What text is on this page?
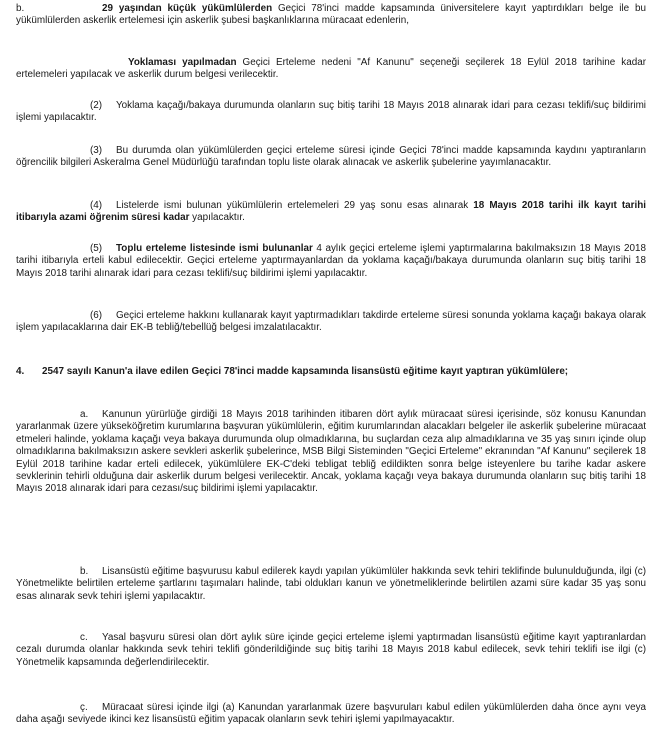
b.	29 yaşından küçük yükümlülerden Geçici 78'inci madde kapsamında üniversitelere kayıt yaptırdıkları belge ile bu yükümlülerden askerlik ertelemesi için askerlik şubesi başkanlıklarına müracaat edenlerin,

Yoklaması yapılmadan Geçici Erteleme nedeni "Af Kanunu" seçeneği seçilerek 18 Eylül 2018 tarihine kadar ertelemeleri yapılacak ve askerlik durum belgesi verilecektir.

(2) Yoklama kaçağı/bakaya durumunda olanların suç bitiş tarihi 18 Mayıs 2018 alınarak idari para cezası teklifi/suç bildirimi işlemi yapılacaktır.

(3) Bu durumda olan yükümlülerden geçici erteleme süresi içinde Geçici 78'inci madde kapsamında kaydını yaptıranların öğrencilik bilgileri Askeralma Genel Müdürlüğü tarafından toplu liste olarak alınacak ve askerlik şubelerine yayımlanacaktır.

(4) Listelerde ismi bulunan yükümlülerin ertelemeleri 29 yaş sonu esas alınarak 18 Mayıs 2018 tarihi ilk kayıt tarihi itibarıyla azami öğrenim süresi kadar yapılacaktır.

(5) Toplu erteleme listesinde ismi bulunanlar 4 aylık geçici erteleme işlemi yaptırmalarına bakılmaksızın 18 Mayıs 2018 tarihi itibarıyla erteli kabul edilecektir. Geçici erteleme yaptırmayanlardan da yoklama kaçağı/bakaya durumunda olanların suç bitiş tarihi 18 Mayıs 2018 tarihi alınarak idari para cezası teklifi/suç bildirimi işlemi yapılacaktır.

(6) Geçici erteleme hakkını kullanarak kayıt yaptırmadıkları takdirde erteleme süresi sonunda yoklama kaçağı bakaya olarak işlem yapılacaklarına dair EK-B tebliğ/tebellüğ belgesi imzalatılacaktır.

4. 2547 sayılı Kanun'a ilave edilen Geçici 78'inci madde kapsamında lisansüstü eğitime kayıt yaptıran yükümlülere;

a. Kanunun yürürlüğe girdiği 18 Mayıs 2018 tarihinden itibaren dört aylık müracaat süresi içerisinde, söz konusu Kanundan yararlanmak üzere yükseköğretim kurumlarına başvuran yükümlülerin, eğitim kurumlarından alacakları belgeler ile askerlik şubelerine müracaat etmeleri halinde, yoklama kaçağı veya bakaya durumunda olup olmadıklarına, bu suçlardan ceza alıp almadıklarına ve 35 yaş sınırı içinde olup olmadıklarına bakılmaksızın askere sevkleri askerlik şubelerince, MSB Bilgi Sisteminden "Geçici Erteleme" ekranından "Af Kanunu" seçilerek 18 Eylül 2018 tarihine kadar erteli edilecek, yükümlülere EK-C'deki tebligat tebliğ edildikten sonra belge isteyenlere bu tarihe kadar askere sevklerinin tehirli olduğuna dair askerlik durum belgesi verilecektir. Ancak, yoklama kaçağı veya bakaya durumunda olanların suç bitiş tarihi 18 Mayıs 2018 alınarak idari para cezası/suç bildirimi işlemi yapılacaktır.

b. Lisansüstü eğitime başvurusu kabul edilerek kaydı yapılan yükümlüler hakkında sevk tehiri teklifinde bulunulduğunda, ilgi (c) Yönetmelikte belirtilen erteleme şartlarını taşımaları halinde, tabi oldukları kanun ve yönetmeliklerinde belirtilen azami süre kadar 35 yaş sonu esas alınarak sevk tehiri işlemi yapılacaktır.

c. Yasal başvuru süresi olan dört aylık süre içinde geçici erteleme işlemi yaptırmadan lisansüstü eğitime kayıt yaptıranlardan cezalı durumda olanlar hakkında sevk tehiri teklifi gönderildiğinde suç bitiş tarihi 18 Mayıs 2018 kabul edilecek, sevk tehiri teklifi ise ilgi (c) Yönetmelik kapsamında değerlendirilecektir.

ç. Müracaat süresi içinde ilgi (a) Kanundan yararlanmak üzere başvuruları kabul edilen yükümlülerden daha önce aynı veya daha aşağı seviyede ikinci kez lisansüstü eğitim yapacak olanların sevk tehiri işlemi yapılmayacaktır.
